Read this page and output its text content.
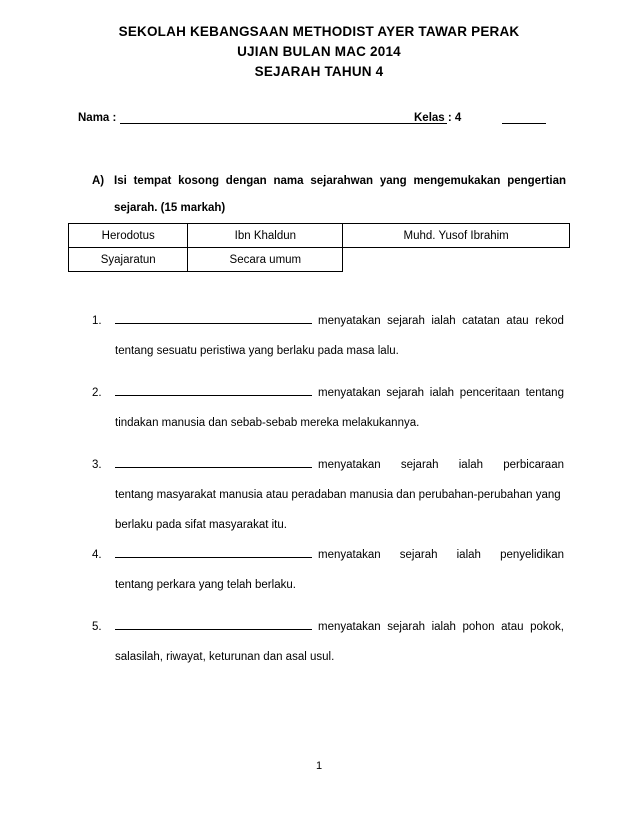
SEKOLAH KEBANGSAAN METHODIST AYER TAWAR PERAK
UJIAN BULAN MAC 2014
SEJARAH TAHUN 4
Nama :	Kelas : 4
A) Isi tempat kosong dengan nama sejarahwan yang mengemukakan pengertian
sejarah. (15 markah)
Herodotus	Ibn Khaldun	Muhd. Yusof Ibrahim
Syajaratun	Secara umum	
1.	menyatakan sejarah ialah catatan atau rekod
tentang sesuatu peristiwa yang berlaku pada masa lalu.
2.	menyatakan sejarah ialah penceritaan tentang
tindakan manusia dan sebab-sebab mereka melakukannya.
3.	menyatakan sejarah ialah perbicaraan
tentang masyarakat manusia atau peradaban manusia dan perubahan-perubahan yang
berlaku pada sifat masyarakat itu.
4.	menyatakan sejarah ialah penyelidikan
tentang perkara yang telah berlaku.
5.	menyatakan sejarah ialah pohon atau pokok,
salasilah, riwayat, keturunan dan asal usul.
1
